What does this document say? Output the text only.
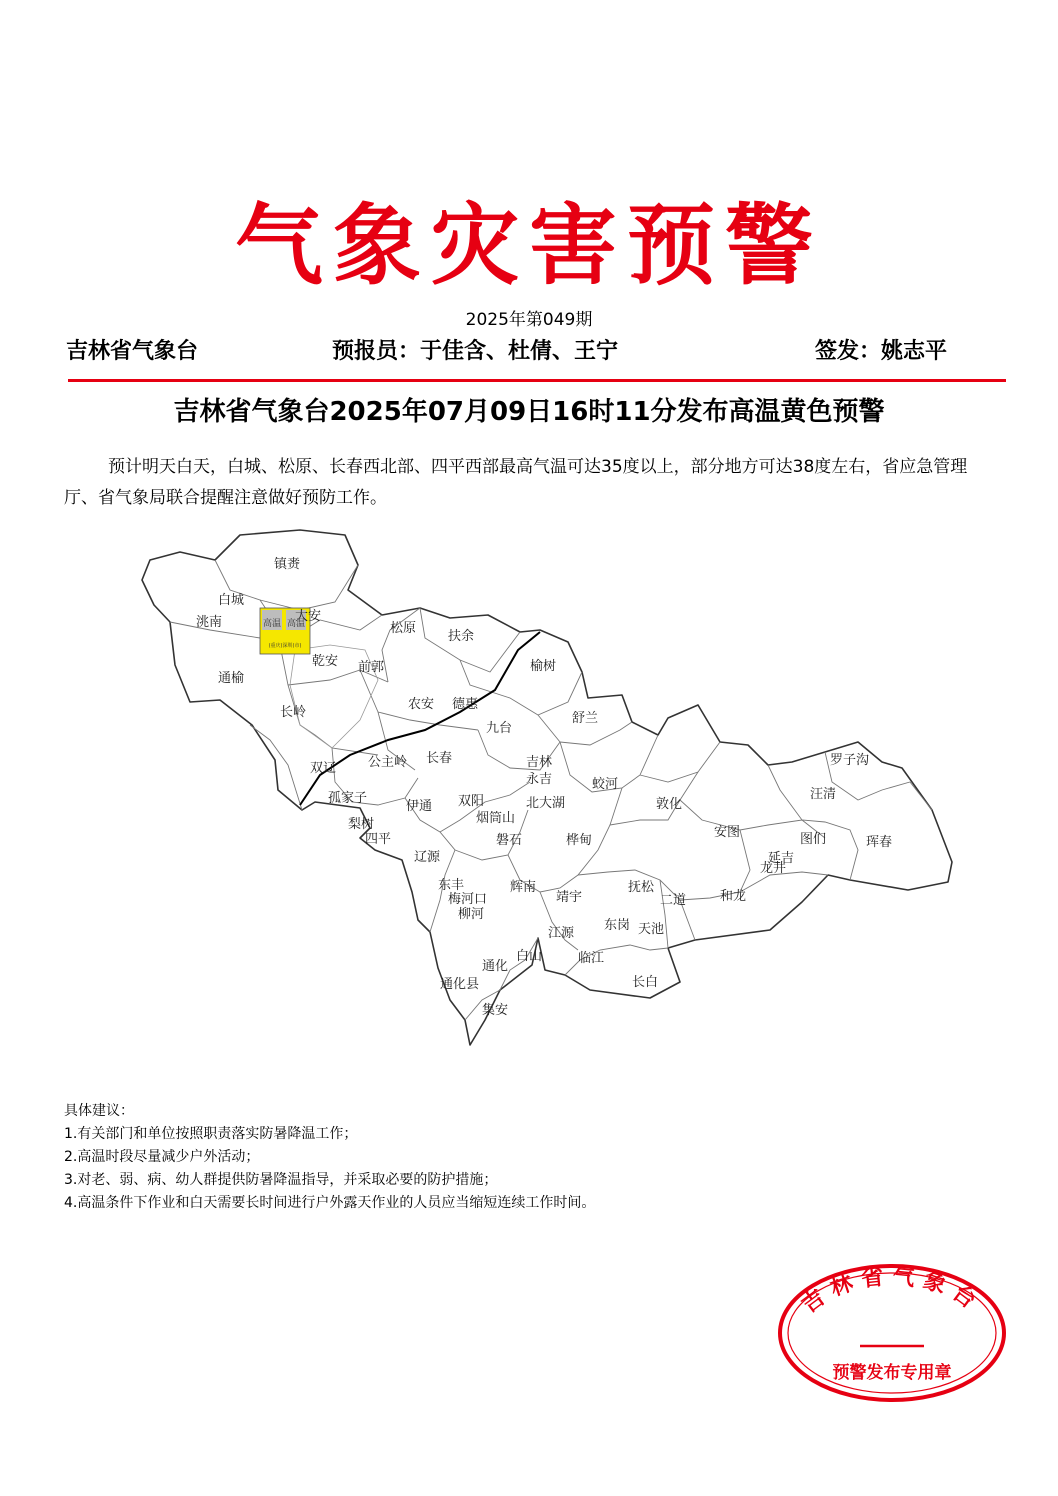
气象灾害预警
2025年第049期
吉林省气象台	预报员：于佳含、杜倩、王宁	签发：姚志平
吉林省气象台2025年07月09日16时11分发布高温黄色预警
预计明天白天，白城、松原、长春西北部、四平西部最高气温可达35度以上，部分地方可达38度左右，省应急管理厅、省气象局联合提醒注意做好预防工作。
高温 高温
(重庆)深圳(市)
镇赉
白城
洮南	大安
松原
扶余
乾安 前郭
通榆
榆树
长岭
农安 德惠
九台
舒兰
双辽 公主岭 长春	吉林
永吉	蛟河
罗子沟
汪清
孤家子
伊通 双阳	北大湖	敦化
烟筒山
梨树
四平	磐石	桦甸
安图	图们	珲春
辽源	延吉
龙井
东丰
梅河口
辉南
靖宇
抚松
二道	和龙
柳河
东岗 天池
江源
通化
白山	临江
通化县	长白
集安
具体建议：
1.有关部门和单位按照职责落实防暑降温工作；
2.高温时段尽量减少户外活动；
3.对老、弱、病、幼人群提供防暑降温指导，并采取必要的防护措施；
4.高温条件下作业和白天需要长时间进行户外露天作业的人员应当缩短连续工作时间。
吉林省气象台
预警发布专用章
